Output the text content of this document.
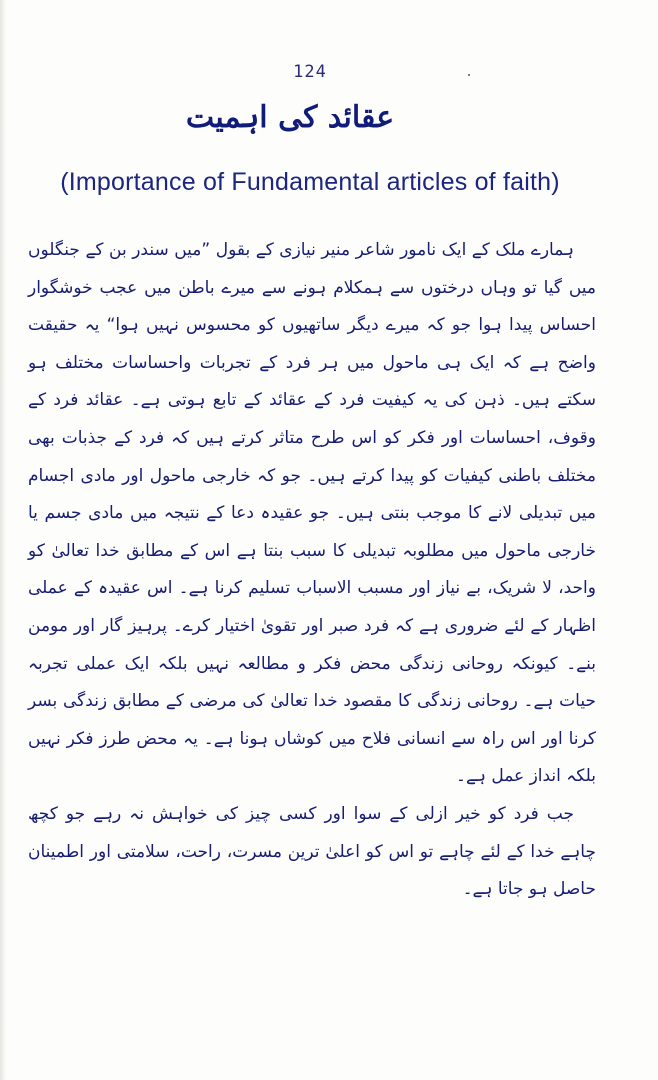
124
عقائد کی اہمیت
(Importance of Fundamental articles of faith)

ہمارے ملک کے ایک نامور شاعر منیر نیازی کے بقول ”میں سندر بن کے جنگلوں میں گیا تو وہاں درختوں سے ہمکلام ہونے سے میرے باطن میں عجب خوشگوار احساس پیدا ہوا جو کہ میرے دیگر ساتھیوں کو محسوس نہیں ہوا“ یہ حقیقت واضح ہے کہ ایک ہی ماحول میں ہر فرد کے تجربات واحساسات مختلف ہو سکتے ہیں۔ ذہن کی یہ کیفیت فرد کے عقائد کے تابع ہوتی ہے۔ عقائد فرد کے وقوف، احساسات اور فکر کو اس طرح متاثر کرتے ہیں کہ فرد کے جذبات بھی مختلف باطنی کیفیات کو پیدا کرتے ہیں۔ جو کہ خارجی ماحول اور مادی اجسام میں تبدیلی لانے کا موجب بنتی ہیں۔ جو عقیدہ دعا کے نتیجہ میں مادی جسم یا خارجی ماحول میں مطلوبہ تبدیلی کا سبب بنتا ہے اس کے مطابق خدا تعالیٰ کو واحد، لا شریک، بے نیاز اور مسبب الاسباب تسلیم کرنا ہے۔ اس عقیدہ کے عملی اظہار کے لئے ضروری ہے کہ فرد صبر اور تقویٰ اختیار کرے۔ پرہیز گار اور مومن بنے۔ کیونکہ روحانی زندگی محض فکر و مطالعہ نہیں بلکہ ایک عملی تجربہ حیات ہے۔ روحانی زندگی کا مقصود خدا تعالیٰ کی مرضی کے مطابق زندگی بسر کرنا اور اس راہ سے انسانی فلاح میں کوشاں ہونا ہے۔ یہ محض طرز فکر نہیں بلکہ انداز عمل ہے۔

جب فرد کو خیر ازلی کے سوا اور کسی چیز کی خواہش نہ رہے جو کچھ چاہے خدا کے لئے چاہے تو اس کو اعلیٰ ترین مسرت، راحت، سلامتی اور اطمینان حاصل ہو جاتا ہے۔
